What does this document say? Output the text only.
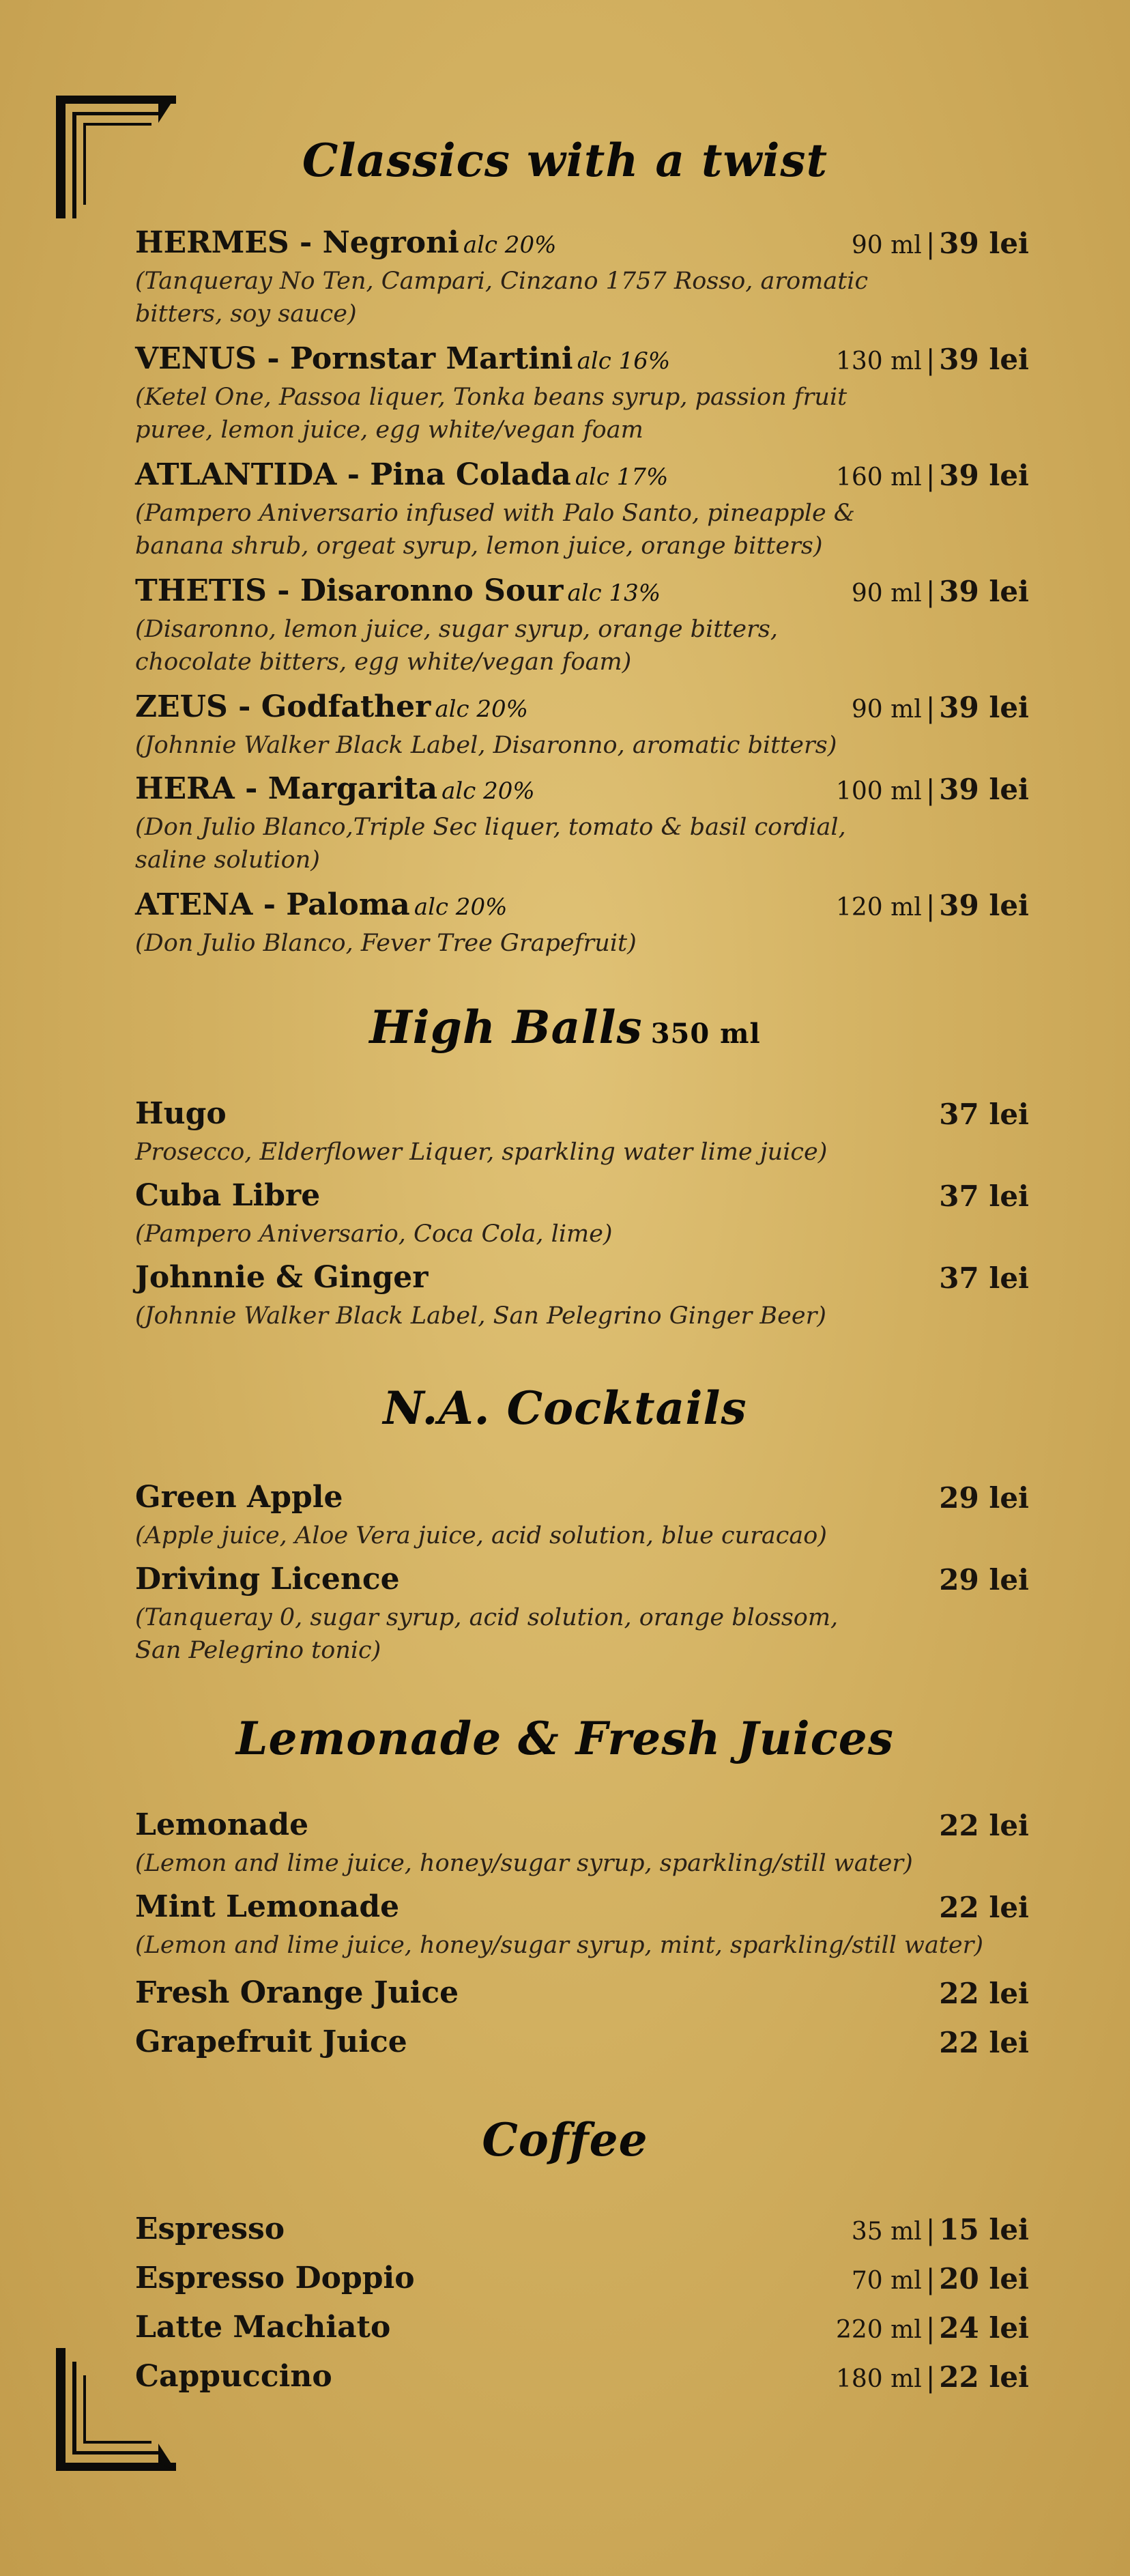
Classics with a twist
HERMES - Negroni alc 20%	90 ml | 39 lei
(Tanqueray No Ten, Campari, Cinzano 1757 Rosso, aromatic
bitters, soy sauce)
VENUS - Pornstar Martini alc 16%	130 ml | 39 lei
(Ketel One, Passoa liquer, Tonka beans syrup, passion fruit
puree, lemon juice, egg white/vegan foam
ATLANTIDA - Pina Colada alc 17%	160 ml | 39 lei
(Pampero Aniversario infused with Palo Santo, pineapple &
banana shrub, orgeat syrup, lemon juice, orange bitters)
THETIS - Disaronno Sour alc 13%	90 ml | 39 lei
(Disaronno, lemon juice, sugar syrup, orange bitters,
chocolate bitters, egg white/vegan foam)
ZEUS - Godfather alc 20%	90 ml | 39 lei
(Johnnie Walker Black Label, Disaronno, aromatic bitters)
HERA - Margarita alc 20%	100 ml | 39 lei
(Don Julio Blanco,Triple Sec liquer, tomato & basil cordial,
saline solution)
ATENA - Paloma alc 20%	120 ml | 39 lei
(Don Julio Blanco, Fever Tree Grapefruit)
High Balls 350 ml
Hugo	37 lei
Prosecco, Elderflower Liquer, sparkling water lime juice)
Cuba Libre	37 lei
(Pampero Aniversario, Coca Cola, lime)
Johnnie & Ginger	37 lei
(Johnnie Walker Black Label, San Pelegrino Ginger Beer)
N.A. Cocktails
Green Apple	29 lei
(Apple juice, Aloe Vera juice, acid solution, blue curacao)
Driving Licence	29 lei
(Tanqueray 0, sugar syrup, acid solution, orange blossom,
San Pelegrino tonic)
Lemonade & Fresh Juices
Lemonade	22 lei
(Lemon and lime juice, honey/sugar syrup, sparkling/still water)
Mint Lemonade	22 lei
(Lemon and lime juice, honey/sugar syrup, mint, sparkling/still water)
Fresh Orange Juice	22 lei
Grapefruit Juice	22 lei
Coffee
Espresso	35 ml | 15 lei
Espresso Doppio	70 ml | 20 lei
Latte Machiato	220 ml | 24 lei
Cappuccino	180 ml | 22 lei
